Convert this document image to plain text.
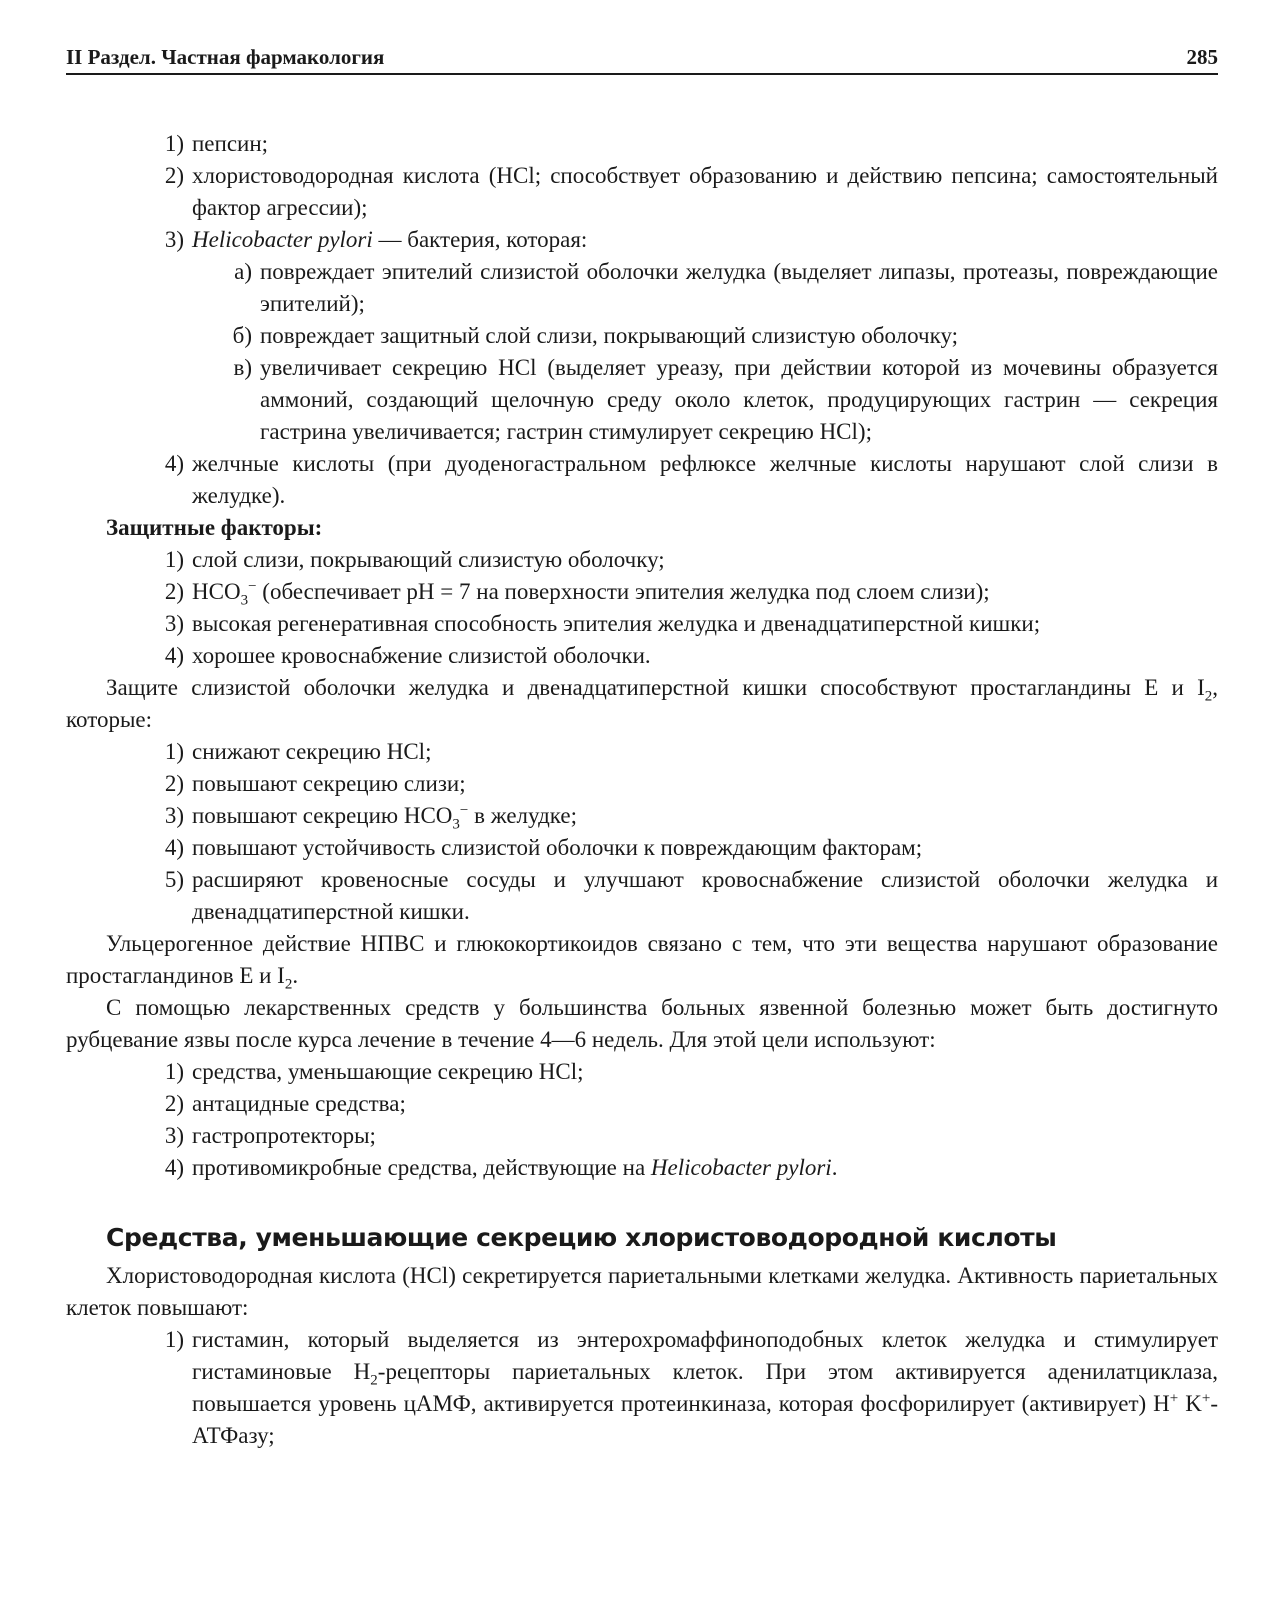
II Раздел. Частная фармакология	285
1) пепсин;
2) хлористоводородная кислота (HCl; способствует образованию и действию пепсина; самостоятельный фактор агрессии);
3) Helicobacter pylori — бактерия, которая:
а) повреждает эпителий слизистой оболочки желудка (выделяет липазы, протеазы, повреждающие эпителий);
б) повреждает защитный слой слизи, покрывающий слизистую оболочку;
в) увеличивает секрецию HCl (выделяет уреазу, при действии которой из мочевины образуется аммоний, создающий щелочную среду около клеток, продуцирующих гастрин — секреция гастрина увеличивается; гастрин стимулирует секрецию HCl);
4) желчные кислоты (при дуоденогастральном рефлюксе желчные кислоты нарушают слой слизи в желудке).
Защитные факторы:
1) слой слизи, покрывающий слизистую оболочку;
2) $HCO_3^-$ (обеспечивает pH = 7 на поверхности эпителия желудка под слоем слизи);
3) высокая регенеративная способность эпителия желудка и двенадцатиперстной кишки;
4) хорошее кровоснабжение слизистой оболочки.
Защите слизистой оболочки желудка и двенадцатиперстной кишки способствуют простагландины E и $I_2$, которые:
1) снижают секрецию HCl;
2) повышают секрецию слизи;
3) повышают секрецию $HCO_3^-$ в желудке;
4) повышают устойчивость слизистой оболочки к повреждающим факторам;
5) расширяют кровеносные сосуды и улучшают кровоснабжение слизистой оболочки желудка и двенадцатиперстной кишки.
Ульцерогенное действие НПВС и глюкокортикоидов связано с тем, что эти вещества нарушают образование простагландинов E и $I_2$.
С помощью лекарственных средств у большинства больных язвенной болезнью может быть достигнуто рубцевание язвы после курса лечение в течение 4—6 недель. Для этой цели используют:
1) средства, уменьшающие секрецию HCl;
2) антацидные средства;
3) гастропротекторы;
4) противомикробные средства, действующие на Helicobacter pylori.
Средства, уменьшающие секрецию хлористоводородной кислоты
Хлористоводородная кислота (HCl) секретируется париетальными клетками желудка. Активность париетальных клеток повышают:
1) гистамин, который выделяется из энтерохромаффиноподобных клеток желудка и стимулирует гистаминовые $H_2$-рецепторы париетальных клеток. При этом активируется аденилатциклаза, повышается уровень цАМФ, активируется протеинкиназа, которая фосфорилирует (активирует) H+ K+-АТФазу;
